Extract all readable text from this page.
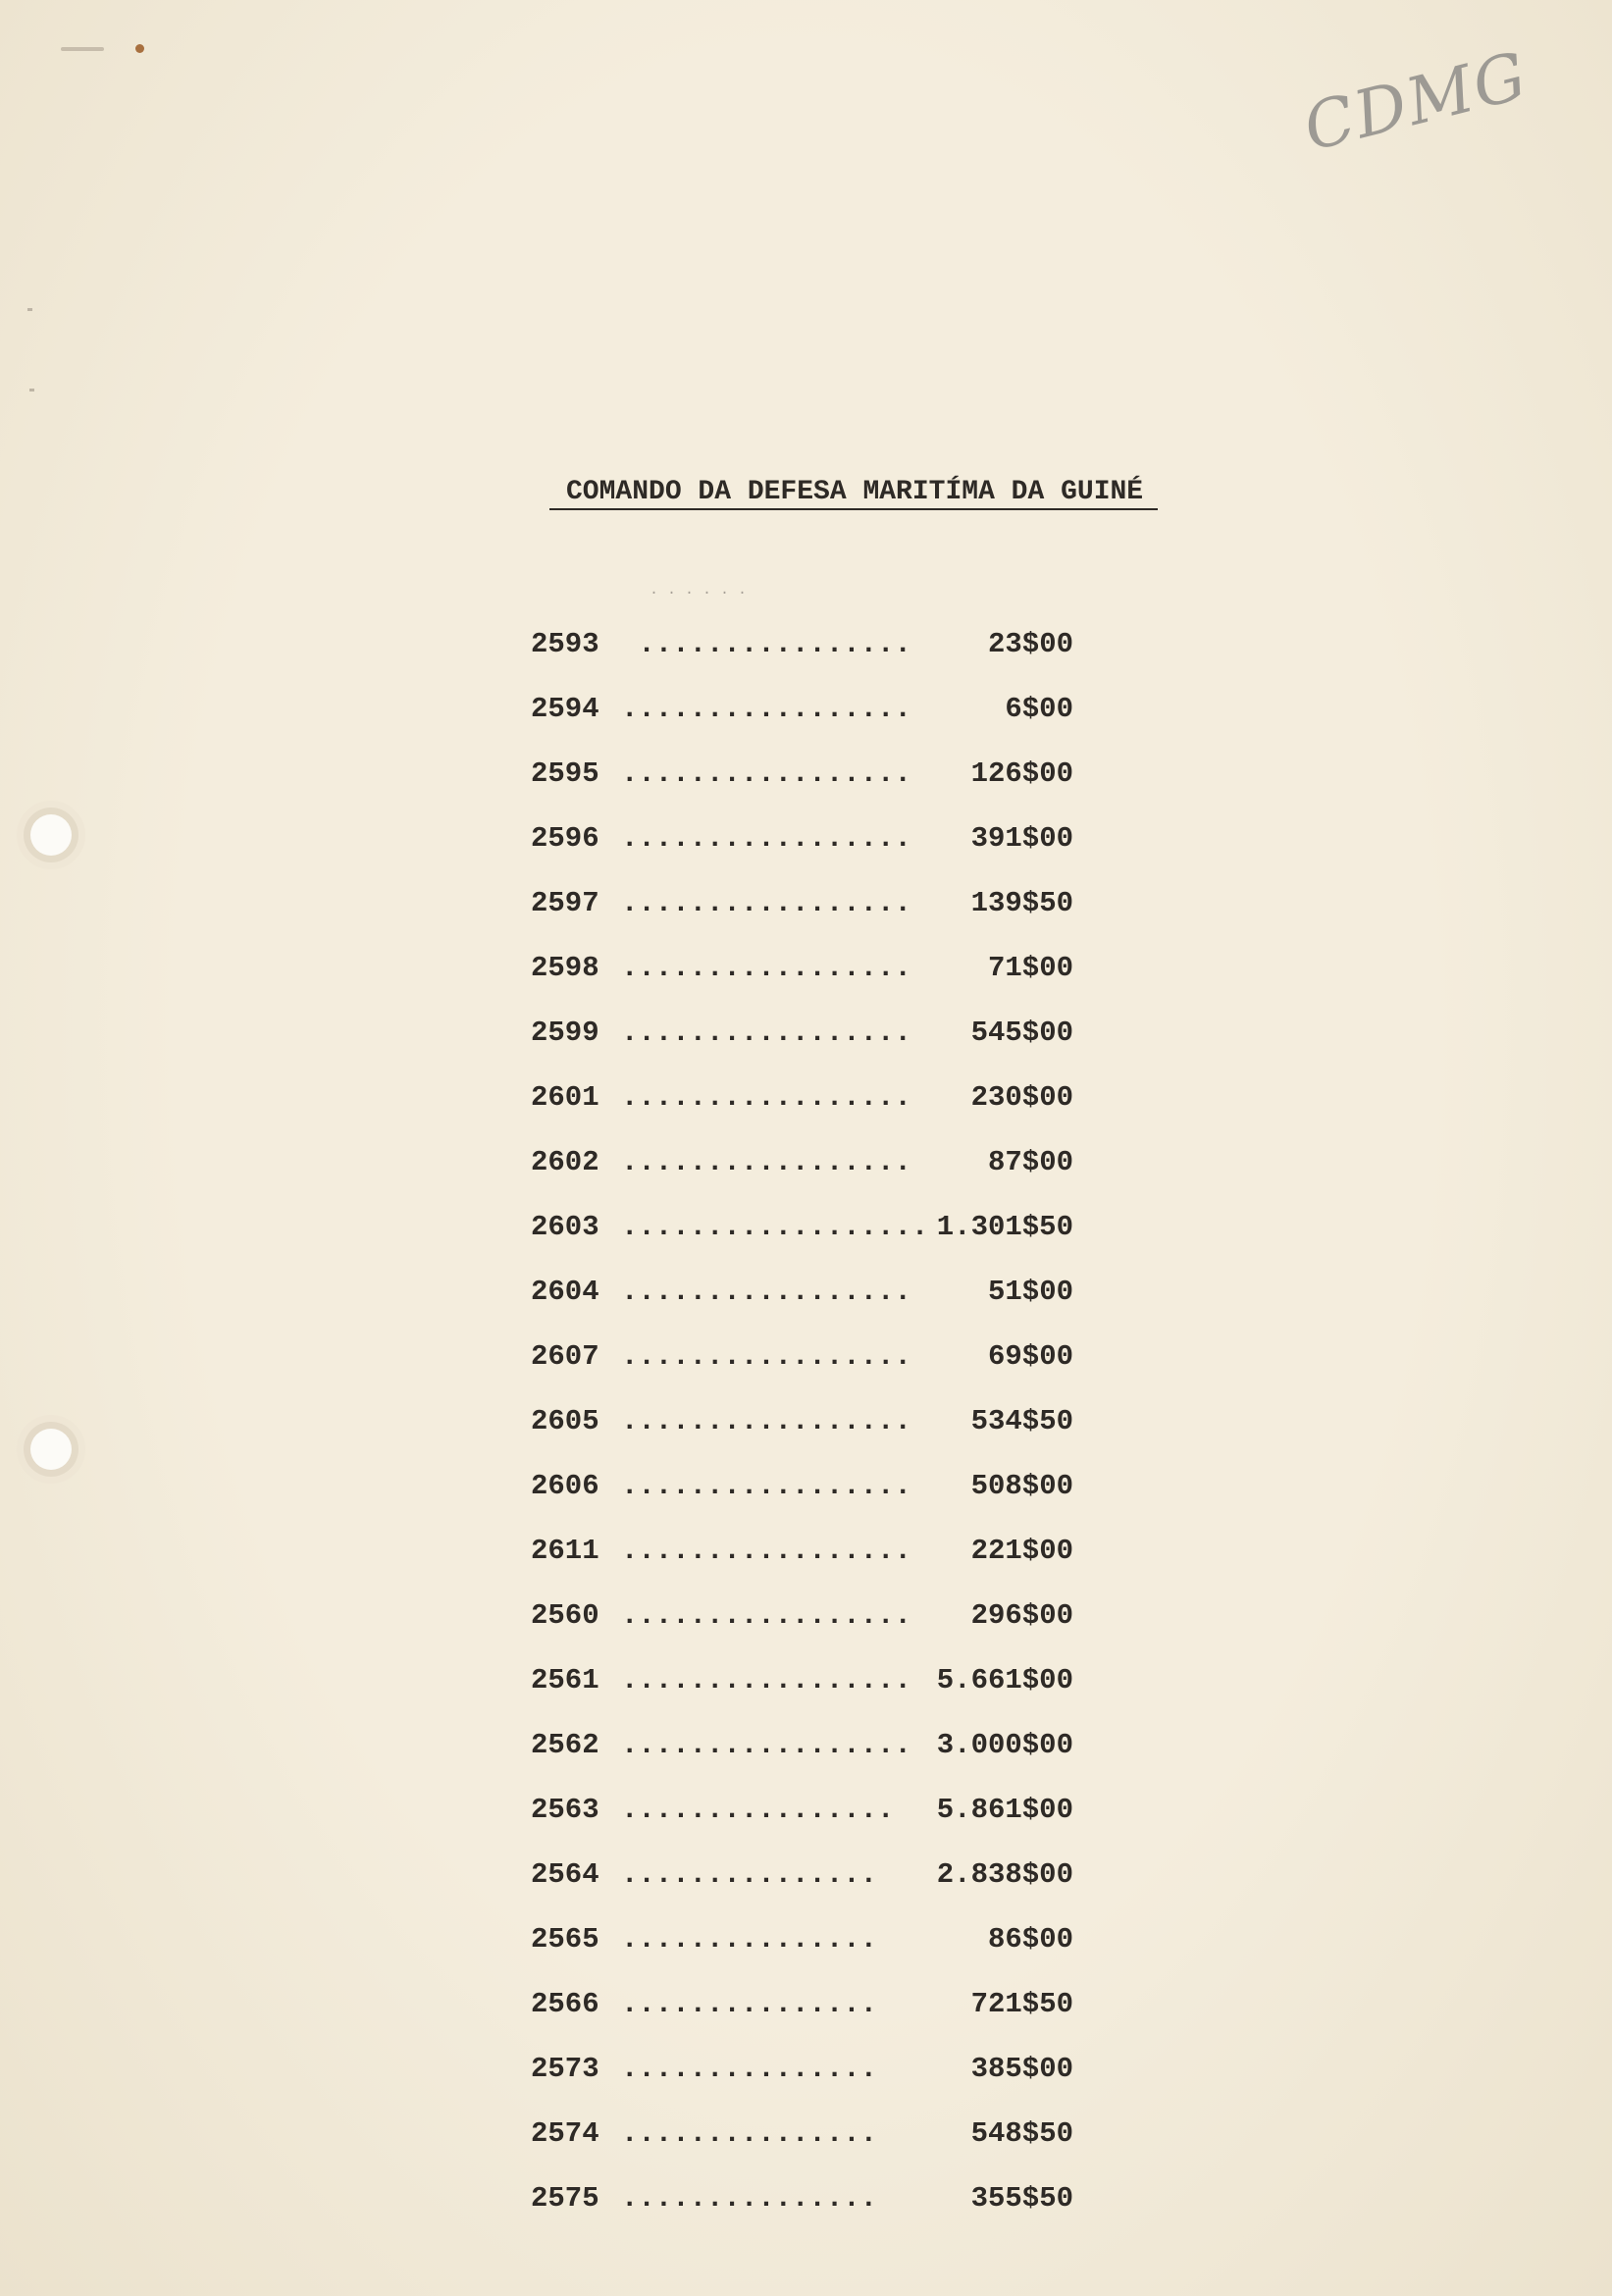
CDMG
COMANDO DA DEFESA MARITÍMA DA GUINÉ
. . . . . .
2593 ................	23$00
2594 .................	6$00
2595 .................	126$00
2596 .................	391$00
2597 .................	139$50
2598 .................	71$00
2599 .................	545$00
2601 .................	230$00
2602 .................	87$00
2603 .................. 1.301$50
2604 .................	51$00
2607 .................	69$00
2605 .................	534$50
2606 .................	508$00
2611 .................	221$00
2560 .................	296$00
2561 ................. 5.661$00
2562 ................. 3.000$00
2563 ................	5.861$00
2564 ...............	2.838$00
2565 ...............	86$00
2566 ...............	721$50
2573 ...............	385$00
2574 ...............	548$50
2575 ...............	355$50
